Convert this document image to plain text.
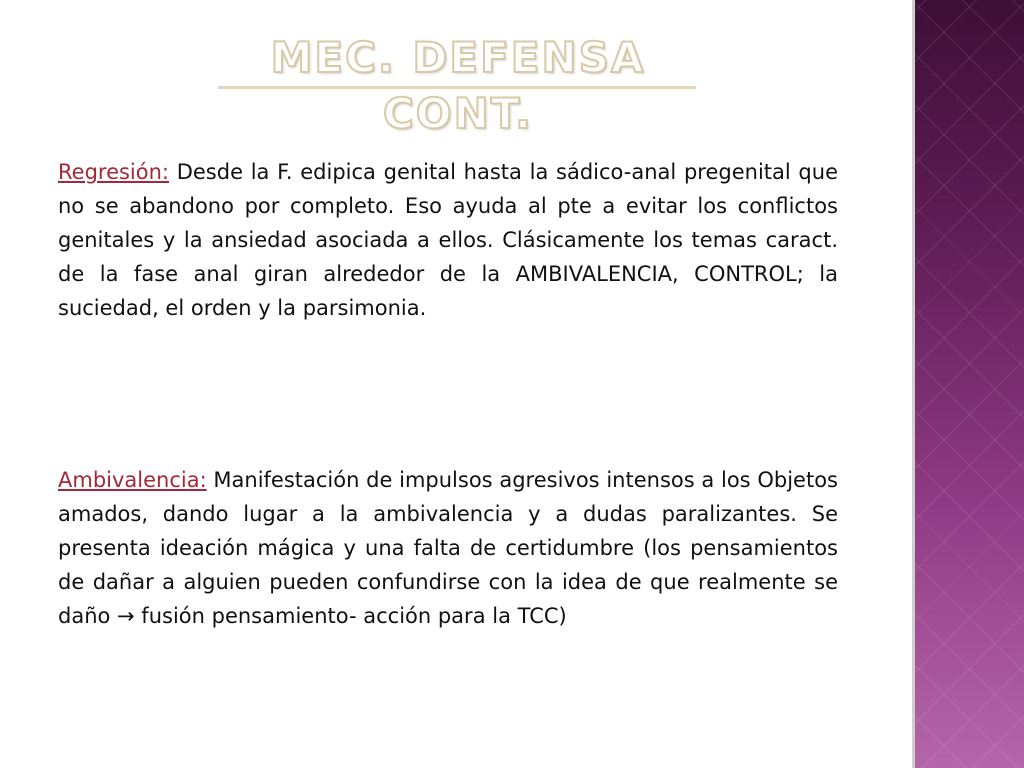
MEC. DEFENSA CONT.

Regresión: Desde la F. edipica genital hasta la sádico-anal pregenital que no se abandono por completo. Eso ayuda al pte a evitar los conflictos genitales y la ansiedad asociada a ellos. Clásicamente los temas caract. de la fase anal giran alrededor de la AMBIVALENCIA, CONTROL; la suciedad, el orden y la parsimonia.

Ambivalencia: Manifestación de impulsos agresivos intensos a los Objetos amados, dando lugar a la ambivalencia y a dudas paralizantes. Se presenta ideación mágica y una falta de certidumbre (los pensamientos de dañar a alguien pueden confundirse con la idea de que realmente se daño → fusión pensamiento- acción para la TCC)
